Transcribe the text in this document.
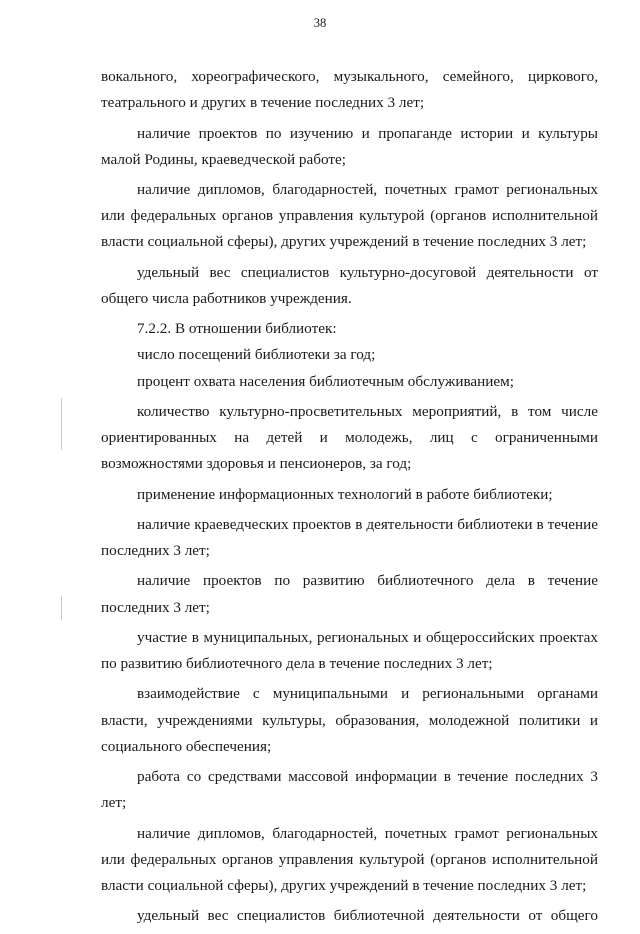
38

вокального, хореографического, музыкального, семейного, циркового, театрального и других в течение последних 3 лет;

наличие проектов по изучению и пропаганде истории и культуры малой Родины, краеведческой работе;

наличие дипломов, благодарностей, почетных грамот региональных или федеральных органов управления культурой (органов исполнительной власти социальной сферы), других учреждений в течение последних 3 лет;

удельный вес специалистов культурно-досуговой деятельности от общего числа работников учреждения.

7.2.2. В отношении библиотек:

число посещений библиотеки за год;

процент охвата населения библиотечным обслуживанием;

количество культурно-просветительных мероприятий, в том числе ориентированных на детей и молодежь, лиц с ограниченными возможностями здоровья и пенсионеров, за год;

применение информационных технологий в работе библиотеки;

наличие краеведческих проектов в деятельности библиотеки в течение последних 3 лет;

наличие проектов по развитию библиотечного дела в течение последних 3 лет;

участие в муниципальных, региональных и общероссийских проектах по развитию библиотечного дела в течение последних 3 лет;

взаимодействие с муниципальными и региональными органами власти, учреждениями культуры, образования, молодежной политики и социального обеспечения;

работа со средствами массовой информации в течение последних 3 лет;

наличие дипломов, благодарностей, почетных грамот региональных или федеральных органов управления культурой (органов исполнительной власти социальной сферы), других учреждений в течение последних 3 лет;

удельный вес специалистов библиотечной деятельности от общего
